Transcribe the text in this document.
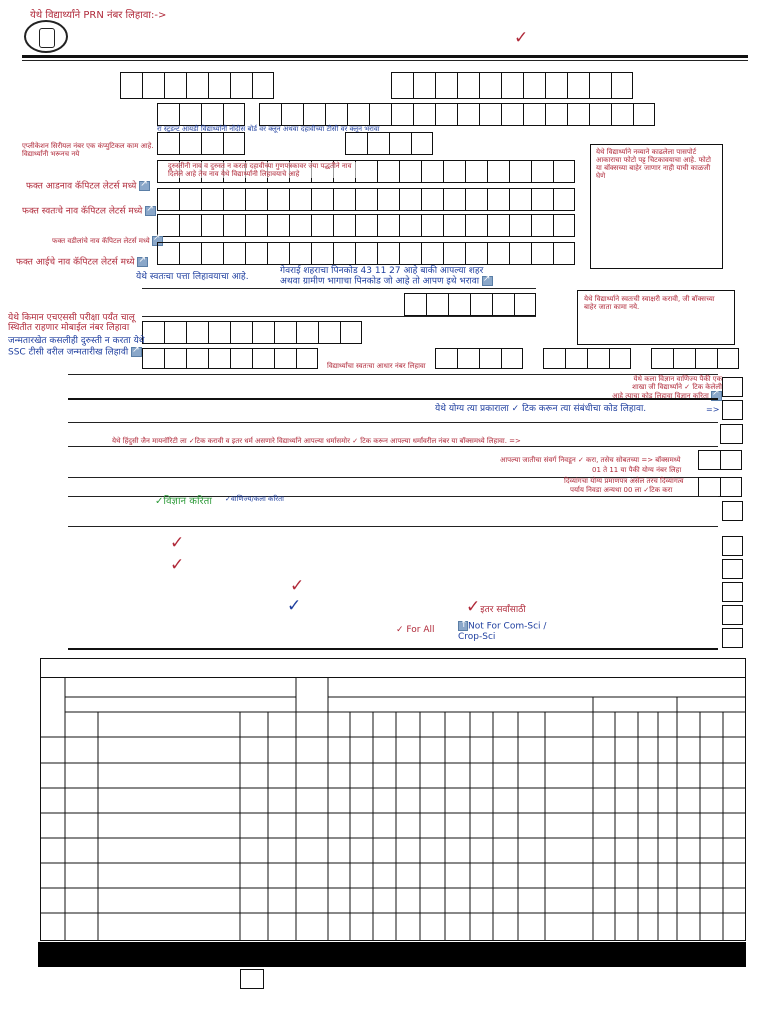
येथे विद्यार्थ्यांने PRN नंबर लिहावा:->
✓
रा स्टुडन्ट आयडी विद्यार्थ्यांनी नोंदीस बोर्ड वर क्लून अथवा दहावीच्या टीसी वर क्लून भरावा
एप्लीकेशन सिरीयल नंबर एक कंप्युटिकल काम आहे. विद्यार्थ्यांनी भरूनच नये	येथे विद्यार्थ्याने नव्याने काढलेला पासपोर्ट आकाराचा फोटो पट्ट चिटकावयाचा आहे. फोटो या बॉक्सच्या बाहेर जाणार नाही याची काळजी घेणे
दुरुस्तीनी नाव व दुरुस्त न करता दहावीच्या गुणपत्रकावर ज्या पद्धतीने नाव दिलेले आहे तेच नाव येथे विद्यार्थ्यांनी लिहावयाचे आहे
फक्त आडनाव कॅपिटल लेटर्स मध्ये ↗
फक्त स्वतःचे नाव कॅपिटल लेटर्स मध्ये ↗
फक्त वडीलांचे नाव कॅपिटल लेटर्स मध्ये ↗
फक्त आईचे नाव कॅपिटल लेटर्स मध्ये ↗
गेवराई शहराचा पिनकोड 43 11 27 आहे बाकी आपल्या शहर
अथवा ग्रामीण भागाचा पिनकोड जो आहे तो आपण इथे भरावा ↗
येथे स्वतःचा पत्ता लिहावयाचा आहे.
येथे विद्यार्थ्याने स्वतःची स्वाक्षरी करावी, जी बॉक्सच्या बाहेर जाता कामा नये.
येथे किमान एचएससी परीक्षा पर्यंत चालू
स्थितीत राहणार मोबाईल नंबर लिहावा
जन्मतारखेत कसलीही दुरुस्ती न करता येथे
SSC टीसी वरील जन्मतारीख लिहावी ↗
विद्यार्थ्यांचा स्वतःचा आधार नंबर लिहावा
येथे कला विज्ञान वाणिज्य पैकी एक
शाखा जी विद्यार्थ्यांने ✓ टिक केलेली
आहे त्याचा कोड लिहावा विज्ञान करिता ↗
येथे योग्य त्या प्रकाराला ✓ टिक करून त्या संबंधीचा कोड लिहावा.	=>
येथे हिंदुसी जैन मायनॉरिटी ला ✓टिक करावी व इतर धर्म असणारे विद्यार्थ्यांने आपल्या धर्मासमोर ✓ टिक करून आपल्या धर्मांवरील नंबर या बॉक्समध्ये लिहावा. =>
आपल्या जातीचा संवर्ग निवडून ✓ करा, तसेच सोबतच्या => बॉक्समध्ये
01 ते 11 या पैकी योग्य नंबर लिहा
दिव्यांगचा योग्य प्रमाणपत्र असेल तरच दिव्यांगत्व
पर्याय निवडा अन्यथा 00 ला ✓टिक करा
✓विज्ञान करिता ✓वाणिज्य/कला करिता
✓
✓
✓
✓	✓इतर सर्वांसाठी
✓ For All
↑	Not For Com-Sci /
Crop-Sci
